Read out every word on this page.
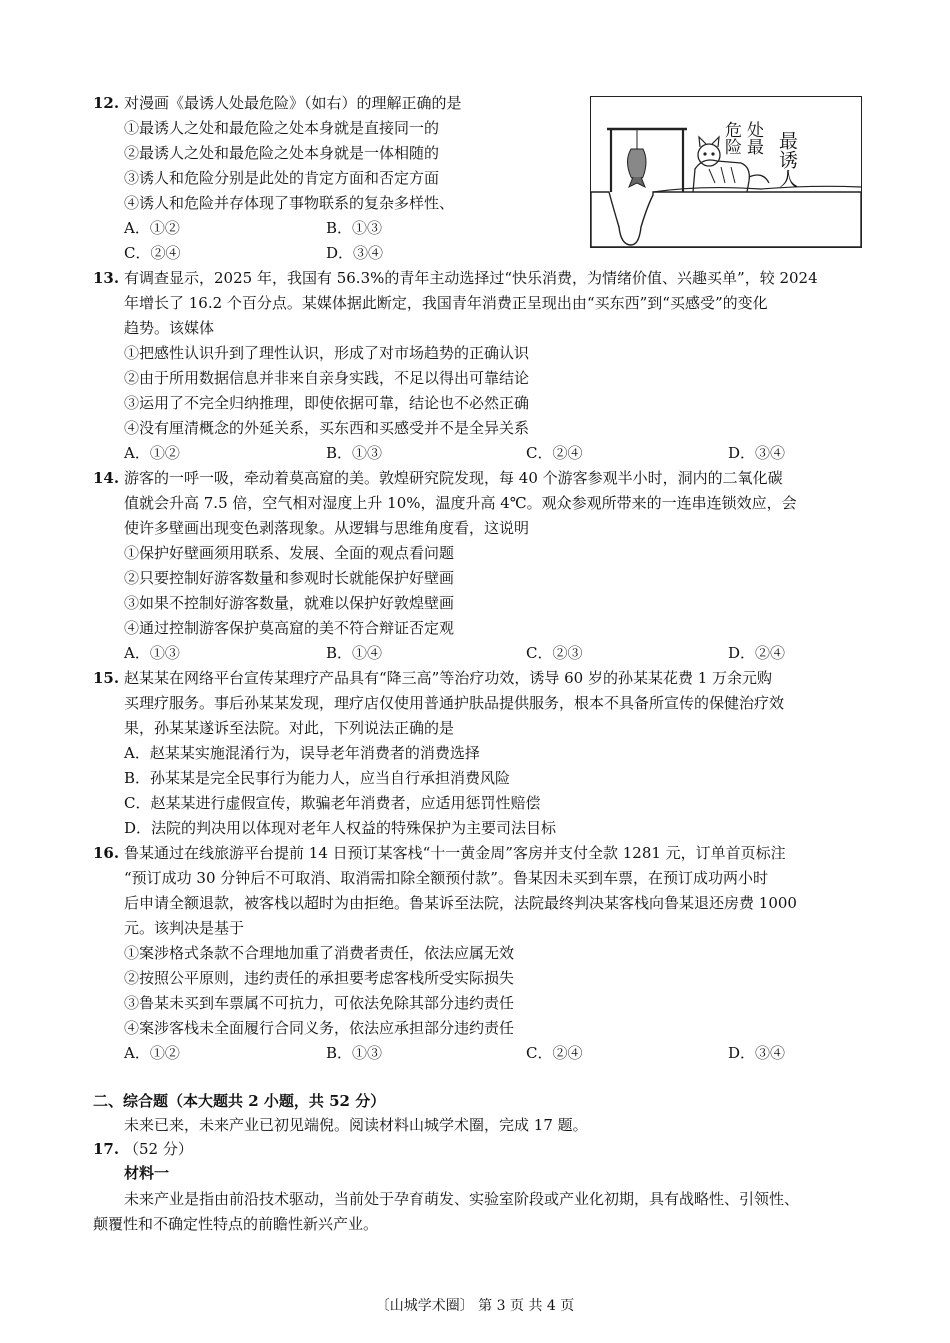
12. 对漫画《最诱人处最危险》（如右）的理解正确的是
①最诱人之处和最危险之处本身就是直接同一的
②最诱人之处和最危险之处本身就是一体相随的
③诱人和危险分别是此处的肯定方面和否定方面
④诱人和危险并存体现了事物联系的复杂多样性、
A．①②	B．①③
C．②④	D．③④
最诱人
处最
危险
13. 有调查显示，2025 年，我国有 56.3%的青年主动选择过“快乐消费，为情绪价值、兴趣买单”，较 2024
年增长了 16.2 个百分点。某媒体据此断定，我国青年消费正呈现出由“买东西”到“买感受”的变化
趋势。该媒体
①把感性认识升到了理性认识，形成了对市场趋势的正确认识
②由于所用数据信息并非来自亲身实践，不足以得出可靠结论
③运用了不完全归纳推理，即使依据可靠，结论也不必然正确
④没有厘清概念的外延关系，买东西和买感受并不是全异关系
A．①②	B．①③	C．②④	D．③④
14. 游客的一呼一吸，牵动着莫高窟的美。敦煌研究院发现，每 40 个游客参观半小时，洞内的二氧化碳
值就会升高 7.5 倍，空气相对湿度上升 10%，温度升高 4℃。观众参观所带来的一连串连锁效应，会
使许多壁画出现变色剥落现象。从逻辑与思维角度看，这说明
①保护好壁画须用联系、发展、全面的观点看问题
②只要控制好游客数量和参观时长就能保护好壁画
③如果不控制好游客数量，就难以保护好敦煌壁画
④通过控制游客保护莫高窟的美不符合辩证否定观
A．①③	B．①④	C．②③	D．②④
15. 赵某某在网络平台宣传某理疗产品具有“降三高”等治疗功效，诱导 60 岁的孙某某花费 1 万余元购
买理疗服务。事后孙某某发现，理疗店仅使用普通护肤品提供服务，根本不具备所宣传的保健治疗效
果，孙某某遂诉至法院。对此，下列说法正确的是
A．赵某某实施混淆行为，误导老年消费者的消费选择
B．孙某某是完全民事行为能力人，应当自行承担消费风险
C．赵某某进行虚假宣传，欺骗老年消费者，应适用惩罚性赔偿
D．法院的判决用以体现对老年人权益的特殊保护为主要司法目标
16. 鲁某通过在线旅游平台提前 14 日预订某客栈“十一黄金周”客房并支付全款 1281 元，订单首页标注
“预订成功 30 分钟后不可取消、取消需扣除全额预付款”。鲁某因未买到车票，在预订成功两小时
后申请全额退款，被客栈以超时为由拒绝。鲁某诉至法院，法院最终判决某客栈向鲁某退还房费 1000
元。该判决是基于
①案涉格式条款不合理地加重了消费者责任，依法应属无效
②按照公平原则，违约责任的承担要考虑客栈所受实际损失
③鲁某未买到车票属不可抗力，可依法免除其部分违约责任
④案涉客栈未全面履行合同义务，依法应承担部分违约责任
A．①②	B．①③	C．②④	D．③④
二、综合题（本大题共 2 小题，共 52 分）
未来已来，未来产业已初见端倪。阅读材料山城学术圈，完成 17 题。
17. （52 分）
材料一
未来产业是指由前沿技术驱动，当前处于孕育萌发、实验室阶段或产业化初期，具有战略性、引领性、
颠覆性和不确定性特点的前瞻性新兴产业。
〔山城学术圈〕 第 3 页 共 4 页
